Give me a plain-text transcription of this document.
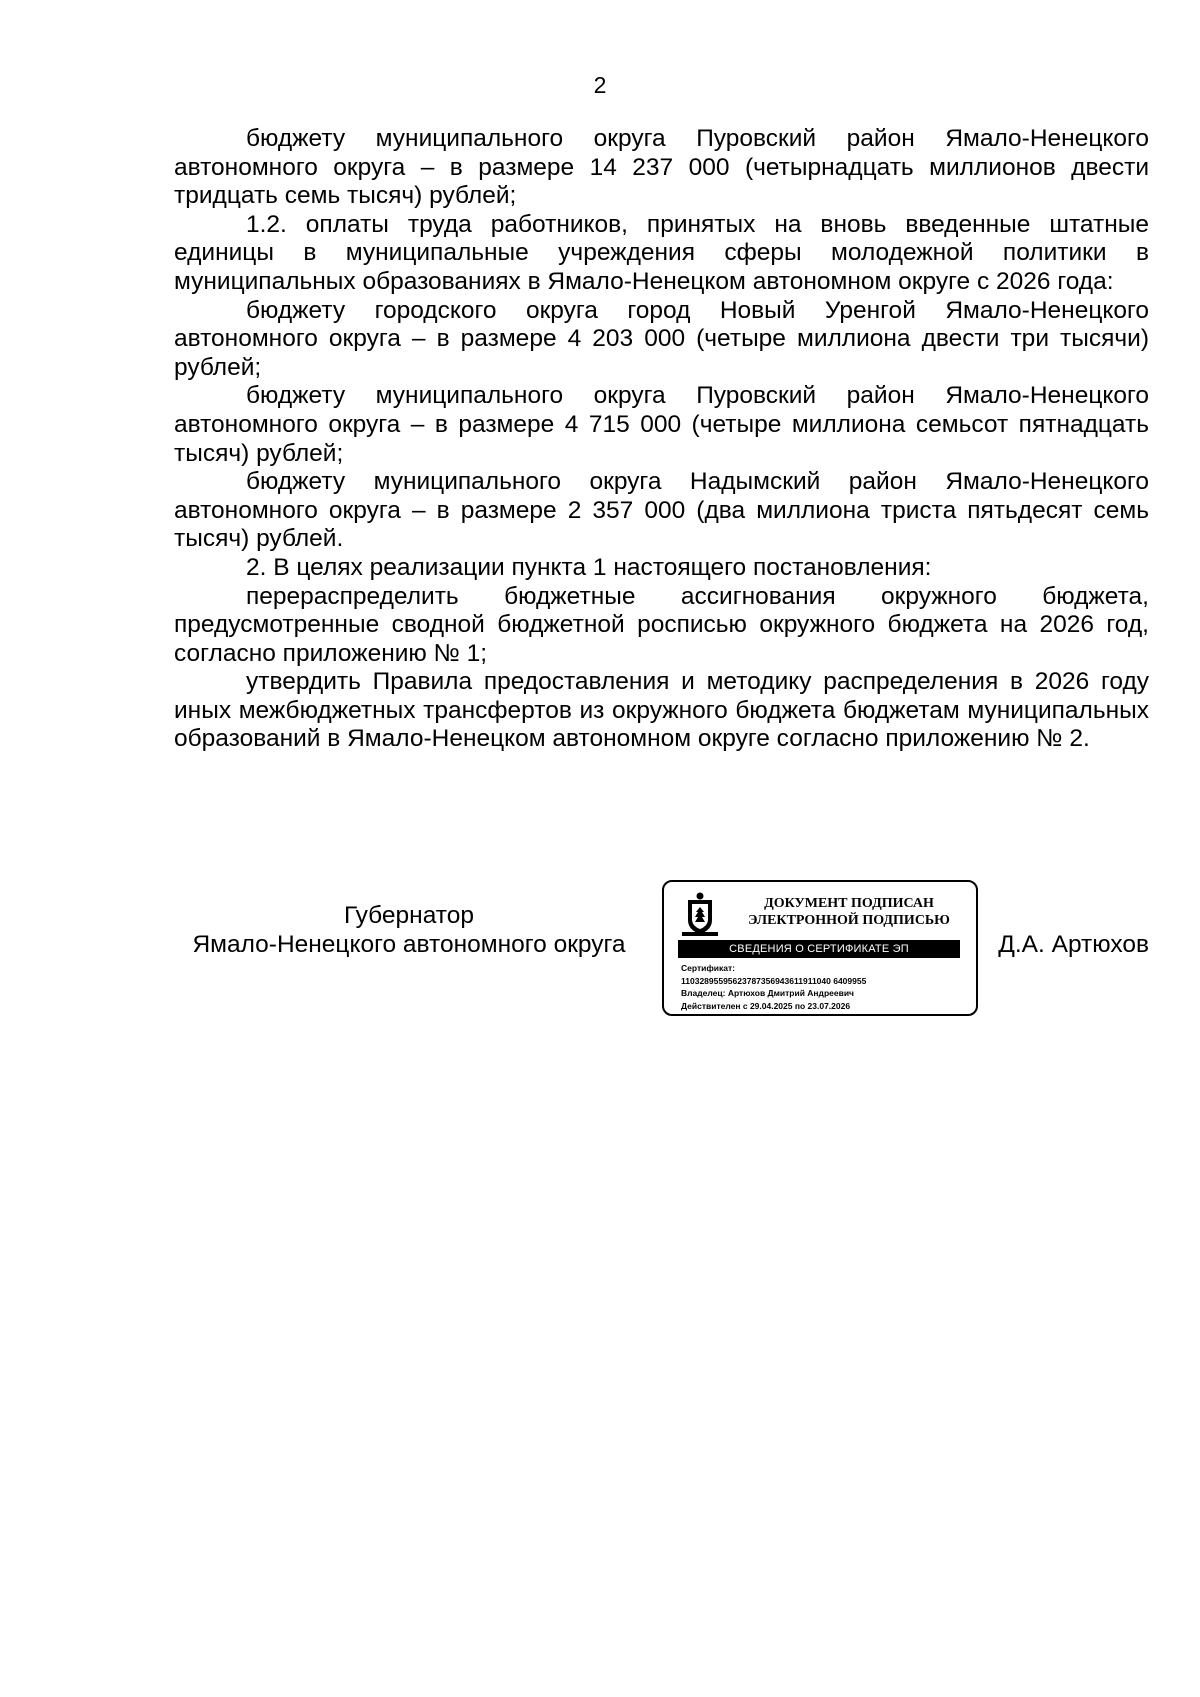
2

бюджету муниципального округа Пуровский район Ямало-Ненецкого автономного округа – в размере 14 237 000 (четырнадцать миллионов двести тридцать семь тысяч) рублей;

1.2. оплаты труда работников, принятых на вновь введенные штатные единицы в муниципальные учреждения сферы молодежной политики в муниципальных образованиях в Ямало-Ненецком автономном округе с 2026 года:

бюджету городского округа город Новый Уренгой Ямало-Ненецкого автономного округа – в размере 4 203 000 (четыре миллиона двести три тысячи) рублей;

бюджету муниципального округа Пуровский район Ямало-Ненецкого автономного округа – в размере 4 715 000 (четыре миллиона семьсот пятнадцать тысяч) рублей;

бюджету муниципального округа Надымский район Ямало-Ненецкого автономного округа – в размере 2 357 000 (два миллиона триста пятьдесят семь тысяч) рублей.

2. В целях реализации пункта 1 настоящего постановления:

перераспределить бюджетные ассигнования окружного бюджета, предусмотренные сводной бюджетной росписью окружного бюджета на 2026 год, согласно приложению № 1;

утвердить Правила предоставления и методику распределения в 2026 году иных межбюджетных трансфертов из окружного бюджета бюджетам муниципальных образований в Ямало-Ненецком автономном округе согласно приложению № 2.

Губернатор
Ямало-Ненецкого автономного округа
ДОКУМЕНТ ПОДПИСАН
ЭЛЕКТРОННОЙ ПОДПИСЬЮ
СВЕДЕНИЯ О СЕРТИФИКАТЕ ЭП
Сертификат:
11032895595623787356943611911040 6409955
Владелец: Артюхов Дмитрий Андреевич
Действителен с 29.04.2025 по 23.07.2026
Д.А. Артюхов
